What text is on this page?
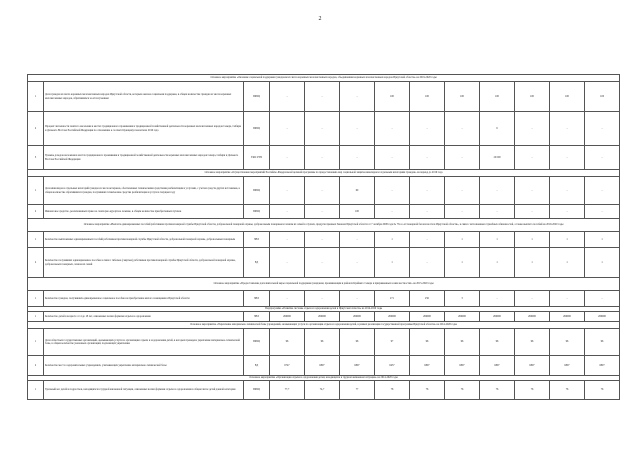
2
Основное мероприятие «Оказание социальной поддержки гражданам из числа коренных малочисленных народов, объединениям коренных малочисленных народов Иркутской области» на 2019-2020 годы												
1	Доля граждан из числа коренных малочисленных народов Иркутской области, которым оказана социальная поддержка, в общем количестве граждан из числа коренных малочисленных народов, обратившихся за её получением	ПРОЦ	-	-	-	100	100	100	100	100	100	100
2	Процент численности занятого населения в местах традиционного проживания и традиционной хозяйственной деятельности коренных малочисленных народов Севера, Сибири и Дальнего Востока Российской Федерации по отношению к соответствующему показателю 2016 года	ПРОЦ	-	-	-	-	-	-	6	-	-	-
3	Уровень доходов населения в местах традиционного проживания и традиционной хозяйственной деятельности коренных малочисленных народов Севера, Сибири и Дальнего Востока Российской Федерации	ТЫС РУБ	-	-	-	-	-	-	10 000	-	-	-
Основное мероприятие «Осуществление мероприятий Российско-Федеральной целевой программы по предоставлению мер социальной защиты инвалидам и отдельным категориям граждан» на период до 2019 года												
1	Доля инвалидов и отдельных категорий граждан из числа ветеранов, обеспеченных техническими средствами реабилитации и услугами, с учетом средств других источников, в общем количестве обратившихся граждан, получивших технические средства реабилитации и услуги в текущем году	ПРОЦ	-	-	60	-	-	-	-	-	-	-
2	Финансовое средство, реализованных право на санаторно-курортное лечение, в общем количестве приобретенных путевок	ПРОЦ	-	-	100	-	-	-	-	-	-	-
Основное мероприятие «Выплата единовременных пособий работникам противопожарной службы Иркутской области, добровольной пожарной охраны, добровольным пожарным и членам их семей в случаях, предусмотренных Законом Иркутской области от 7 октября 2008 года № 78-оз «О пожарной безопасности в Иркутской области», в связи с исполнением служебных обязанностей, а также выплата пособий на 2019-2020 годы												
1	Количество выплаченных единовременных пособий работникам противопожарной службы Иркутской области, добровольной пожарной охраны, добровольным пожарным	ЧЕЛ	-	-	-	1	-	1	1	1	1	1
2	Количество получивших единовременное пособие в связи с гибелью (смертью) работников противопожарной службы Иркутской области, добровольной пожарной охраны, добровольных пожарных, членов их семей	ЕД	-	-	-	1	-	1	1	1	1	1
Основное мероприятие «Предоставление дополнительной меры социальной поддержки гражданам, проживающим в районах Крайнего Севера и приравненных к ним местностях» на 2015-2020 годы												
1	Количество граждан, получивших единовременное социальное пособие на приобретение жилого помещения в Иркутской области	ЧЕЛ	-	-	-	271	250	3	-	-	-	-
Подпрограмма «Развитие системы отдыха и оздоровления детей в Иркутской области» на 2014-2020 годы												
1	Количество детей в возрасте от 4 до 18 лет, охваченных всеми формами отдыха и оздоровления	ЧЕЛ	266000	266000	266000	266000	266000	266000	266000	266000	266000	266000
Основное мероприятие «Укрепление материально-технической базы учреждений, оказывающих услуги по организации отдыха и оздоровления детей, в рамках реализации государственной программы Иркутской области» на 2014-2020 годы												
1	Доля областных государственных организаций, оказывающих услуги по организации отдыха и оздоровления детей, в которых проведено укрепление материально-технической базы, в общем количестве указанных организаций, подлежащих укреплению	ПРОЦ	96	96	96	97	96	96	96	96	96	96
2	Количество мест в оздоровительных учреждениях, учитывающих укрепление материально-технической базы	ЕД	6747	6807	6807	6457	6807	6807	6807	6807	6807	6807
Основное мероприятие «Организация отдыха и оздоровления детей, находящихся в трудной жизненной ситуации» на 2014-2020 годы												
1	Удельный вес детей и подростков, находящихся в трудной жизненной ситуации, охваченных всеми формами отдыха и оздоровления в общем числе детей данной категории	ПРОЦ	77,7	74,7	77	78	76	76	76	76	76	76
